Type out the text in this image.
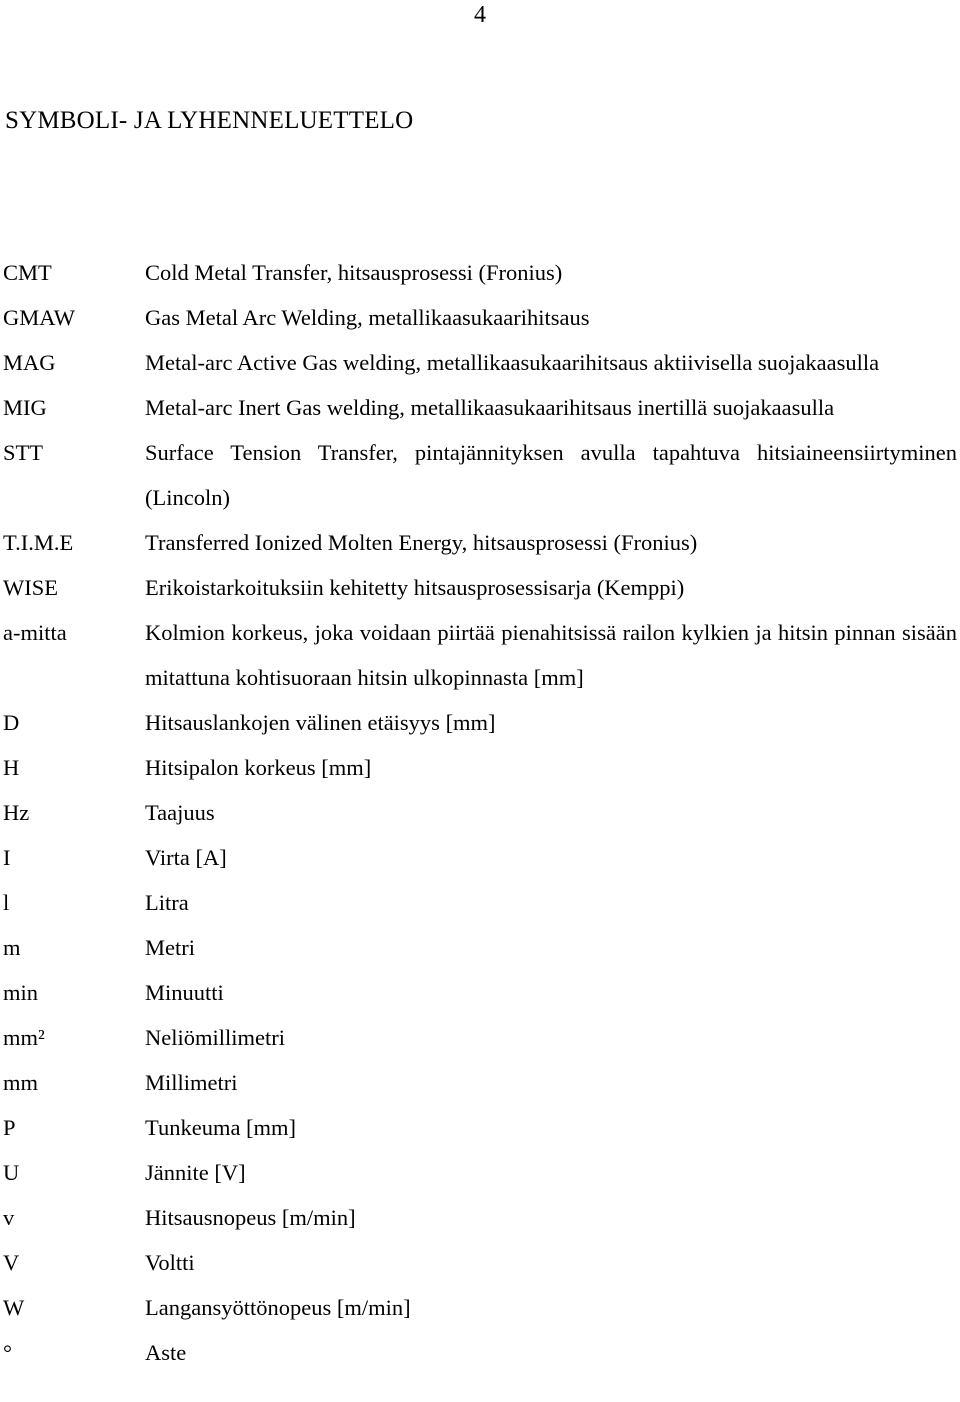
4
SYMBOLI- JA LYHENNELUETTELO
CMT	Cold Metal Transfer, hitsausprosessi (Fronius)
GMAW	Gas Metal Arc Welding, metallikaasukaarihitsaus
MAG	Metal-arc Active Gas welding, metallikaasukaarihitsaus aktiivisella suojakaasulla
MIG	Metal-arc Inert Gas welding, metallikaasukaarihitsaus inertillä suojakaasulla
STT	Surface Tension Transfer, pintajännityksen avulla tapahtuva hitsiaineensiirtyminen (Lincoln)
T.I.M.E	Transferred Ionized Molten Energy, hitsausprosessi (Fronius)
WISE	Erikoistarkoituksiin kehitetty hitsausprosessisarja (Kemppi)
a-mitta	Kolmion korkeus, joka voidaan piirtää pienahitsissä railon kylkien ja hitsin pinnan sisään mitattuna kohtisuoraan hitsin ulkopinnasta [mm]
D	Hitsauslankojen välinen etäisyys [mm]
H	Hitsipalon korkeus [mm]
Hz	Taajuus
I	Virta [A]
l	Litra
m	Metri
min	Minuutti
mm²	Neliömillimetri
mm	Millimetri
P	Tunkeuma [mm]
U	Jännite [V]
v	Hitsausnopeus [m/min]
V	Voltti
W	Langansyöttönopeus [m/min]
°	Aste
